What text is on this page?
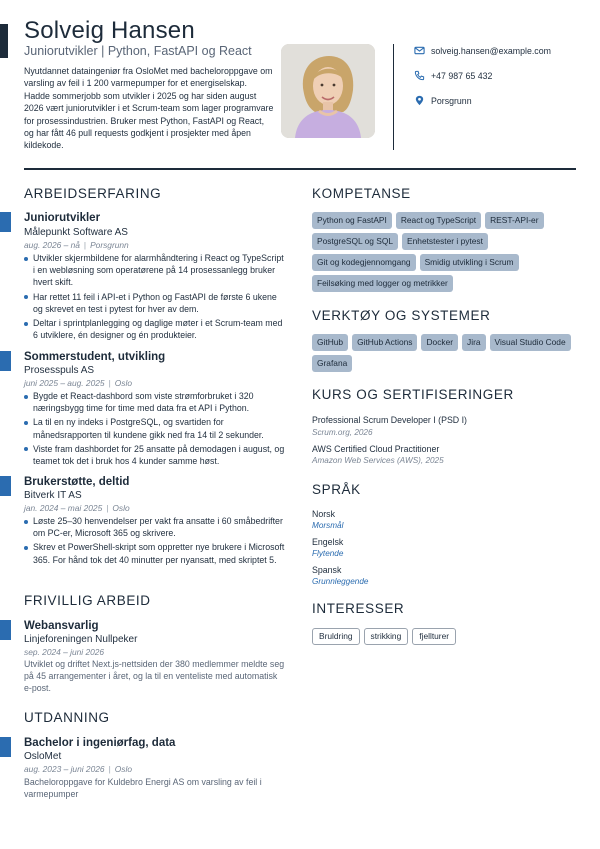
Solveig Hansen
Juniorutvikler | Python, FastAPI og React
Nyutdannet dataingeniør fra OsloMet med bacheloroppgave om varsling av feil i 1 200 varmepumper for et energiselskap. Hadde sommerjobb som utvikler i 2025 og har siden august 2026 vært juniorutvikler i et Scrum-team som lager programvare for prosessindustrien. Bruker mest Python, FastAPI og React, og har fått 46 pull requests godkjent i prosjekter med åpen kildekode.
solveig.hansen@example.com
+47 987 65 432
Porsgrunn
ARBEIDSERFARING
Juniorutvikler
Målepunkt Software AS
aug. 2026 – nå | Porsgrunn
Utvikler skjermbildene for alarmhåndtering i React og TypeScript i en webløsning som operatørene på 14 prosessanlegg bruker hvert skift.
Har rettet 11 feil i API-et i Python og FastAPI de første 6 ukene og skrevet en test i pytest for hver av dem.
Deltar i sprintplanlegging og daglige møter i et Scrum-team med 6 utviklere, én designer og én produkteier.
Sommerstudent, utvikling
Prosesspuls AS
juni 2025 – aug. 2025 | Oslo
Bygde et React-dashbord som viste strømforbruket i 320 næringsbygg time for time med data fra et API i Python.
La til en ny indeks i PostgreSQL, og svartiden for månedsrapporten til kundene gikk ned fra 14 til 2 sekunder.
Viste fram dashbordet for 25 ansatte på demodagen i august, og teamet tok det i bruk hos 4 kunder samme høst.
Brukerstøtte, deltid
Bitverk IT AS
jan. 2024 – mai 2025 | Oslo
Løste 25–30 henvendelser per vakt fra ansatte i 60 småbedrifter om PC-er, Microsoft 365 og skrivere.
Skrev et PowerShell-skript som oppretter nye brukere i Microsoft 365. For hånd tok det 40 minutter per nyansatt, med skriptet 5.
FRIVILLIG ARBEID
Webansvarlig
Linjeforeningen Nullpeker
sep. 2024 – juni 2026
Utviklet og driftet Next.js-nettsiden der 380 medlemmer meldte seg på 45 arrangementer i året, og la til en venteliste med automatisk e-post.
UTDANNING
Bachelor i ingeniørfag, data
OsloMet
aug. 2023 – juni 2026 | Oslo
Bacheloroppgave for Kuldebro Energi AS om varsling av feil i varmepumper
KOMPETANSE
Python og FastAPI	React og TypeScript	REST-API-er
PostgreSQL og SQL	Enhetstester i pytest
Git og kodegjennomgang	Smidig utvikling i Scrum
Feilsøking med logger og metrikker
VERKTØY OG SYSTEMER
GitHub	GitHub Actions	Docker	Jira	Visual Studio Code
Grafana
KURS OG SERTIFISERINGER
Professional Scrum Developer I (PSD I)
Scrum.org, 2026
AWS Certified Cloud Practitioner
Amazon Web Services (AWS), 2025
SPRÅK
Norsk
Morsmål
Engelsk
Flytende
Spansk
Grunnleggende
INTERESSER
Bruldring	strikking	fjellturer
